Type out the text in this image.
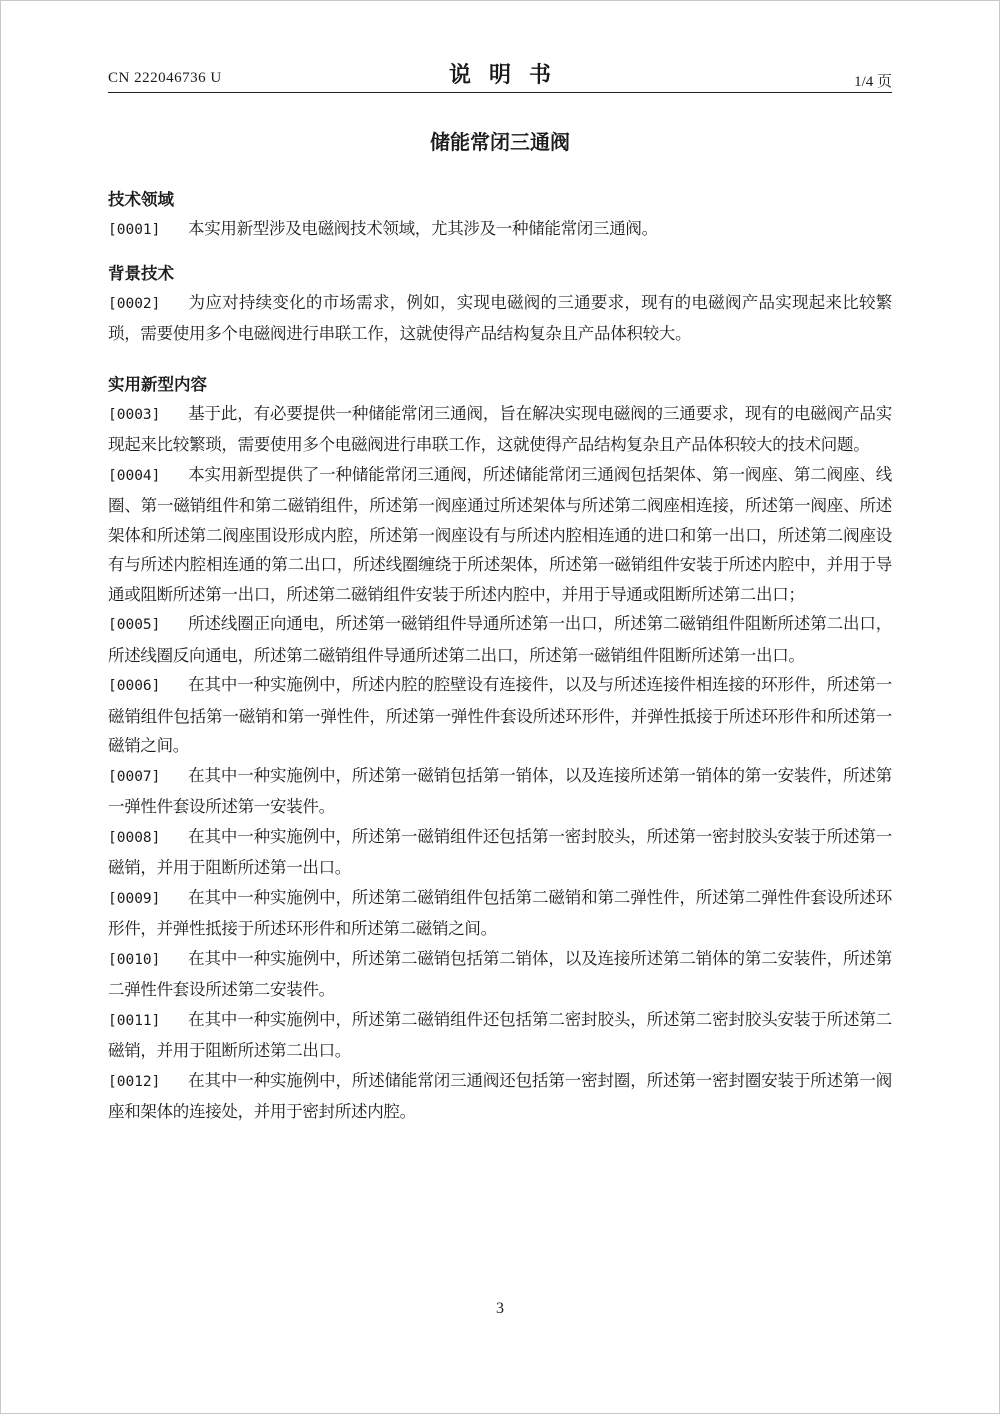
CN 222046736 U	说明书	1/4 页
储能常闭三通阀
技术领域
[0001] 本实用新型涉及电磁阀技术领域，尤其涉及一种储能常闭三通阀。
背景技术
[0002] 为应对持续变化的市场需求，例如，实现电磁阀的三通要求，现有的电磁阀产品实现起来比较繁琐，需要使用多个电磁阀进行串联工作，这就使得产品结构复杂且产品体积较大。
实用新型内容
[0003] 基于此，有必要提供一种储能常闭三通阀，旨在解决实现电磁阀的三通要求，现有的电磁阀产品实现起来比较繁琐，需要使用多个电磁阀进行串联工作，这就使得产品结构复杂且产品体积较大的技术问题。
[0004] 本实用新型提供了一种储能常闭三通阀，所述储能常闭三通阀包括架体、第一阀座、第二阀座、线圈、第一磁销组件和第二磁销组件，所述第一阀座通过所述架体与所述第二阀座相连接，所述第一阀座、所述架体和所述第二阀座围设形成内腔，所述第一阀座设有与所述内腔相连通的进口和第一出口，所述第二阀座设有与所述内腔相连通的第二出口，所述线圈缠绕于所述架体，所述第一磁销组件安装于所述内腔中，并用于导通或阻断所述第一出口，所述第二磁销组件安装于所述内腔中，并用于导通或阻断所述第二出口；
[0005] 所述线圈正向通电，所述第一磁销组件导通所述第一出口，所述第二磁销组件阻断所述第二出口，所述线圈反向通电，所述第二磁销组件导通所述第二出口，所述第一磁销组件阻断所述第一出口。
[0006] 在其中一种实施例中，所述内腔的腔壁设有连接件，以及与所述连接件相连接的环形件，所述第一磁销组件包括第一磁销和第一弹性件，所述第一弹性件套设所述环形件，并弹性抵接于所述环形件和所述第一磁销之间。
[0007] 在其中一种实施例中，所述第一磁销包括第一销体，以及连接所述第一销体的第一安装件，所述第一弹性件套设所述第一安装件。
[0008] 在其中一种实施例中，所述第一磁销组件还包括第一密封胶头，所述第一密封胶头安装于所述第一磁销，并用于阻断所述第一出口。
[0009] 在其中一种实施例中，所述第二磁销组件包括第二磁销和第二弹性件，所述第二弹性件套设所述环形件，并弹性抵接于所述环形件和所述第二磁销之间。
[0010] 在其中一种实施例中，所述第二磁销包括第二销体，以及连接所述第二销体的第二安装件，所述第二弹性件套设所述第二安装件。
[0011] 在其中一种实施例中，所述第二磁销组件还包括第二密封胶头，所述第二密封胶头安装于所述第二磁销，并用于阻断所述第二出口。
[0012] 在其中一种实施例中，所述储能常闭三通阀还包括第一密封圈，所述第一密封圈安装于所述第一阀座和架体的连接处，并用于密封所述内腔。
3
